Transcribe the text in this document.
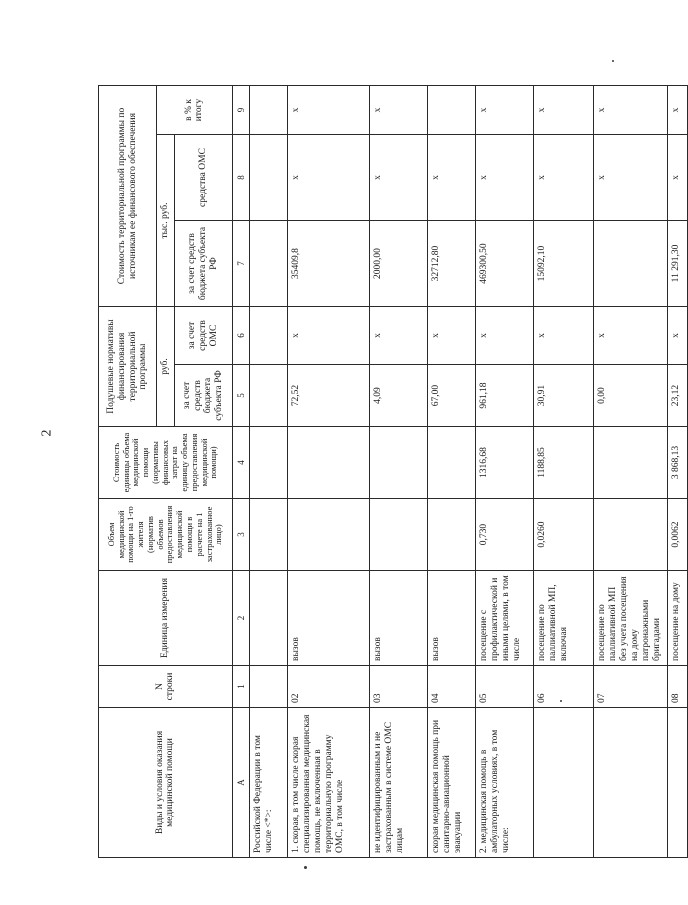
2
Виды и условия оказания медицинской помощи	N строки	Единица измерения	Объем медицинской помощи на 1-го жителя (норматив объемов предоставления медицинской помощи в расчете на 1 застрахованное лицо)	Стоимость единицы объема медицинской помощи (нормативы финансовых затрат на единицу объема предоставления медицинской помощи)	Подушевые нормативы финансирования территориальной программы		Стоимость территориальной программы по источникам ее финансового обеспечения		
					руб.		тыс. руб.		в % к итогу
					за счет средств бюджета субъекта РФ	за счет средств ОМС	за счет средств бюджета субъекта РФ	средства ОМС	
А	1	2	3	4	5	6	7	8	9
Российской Федерации в том числе <*>:									
1. скорая, в том числе скорая специализированная медицинская помощь, не включенная в территориальную программу ОМС, в том числе	02	вызов			72,52	х	35409,8	х	х
не идентифицированным и не застрахованным в системе ОМС лицам	03	вызов			4,09	х	2000,00	х	х
скорая медицинская помощь при санитарно-авиационной эвакуации	04	вызов			67,00	х	32712,80	х	
2. медицинская помощь в амбулаторных условиях, в том числе:	05	посещение с профилактической и иными целями, в том числе	0,730	1316,68	961,18	х	469300,50	х	х
	06	посещение по паллиативной МП, включая	0,0260	1188,85	30,91	х	15092,10	х	х
	07	посещение по паллиативной МП без учета посещения на дому патронажными бригадами			0,00	х		х	х
	08	посещение на дому	0,0062	3 868,13	23,12	х	11 291,30	х	х
